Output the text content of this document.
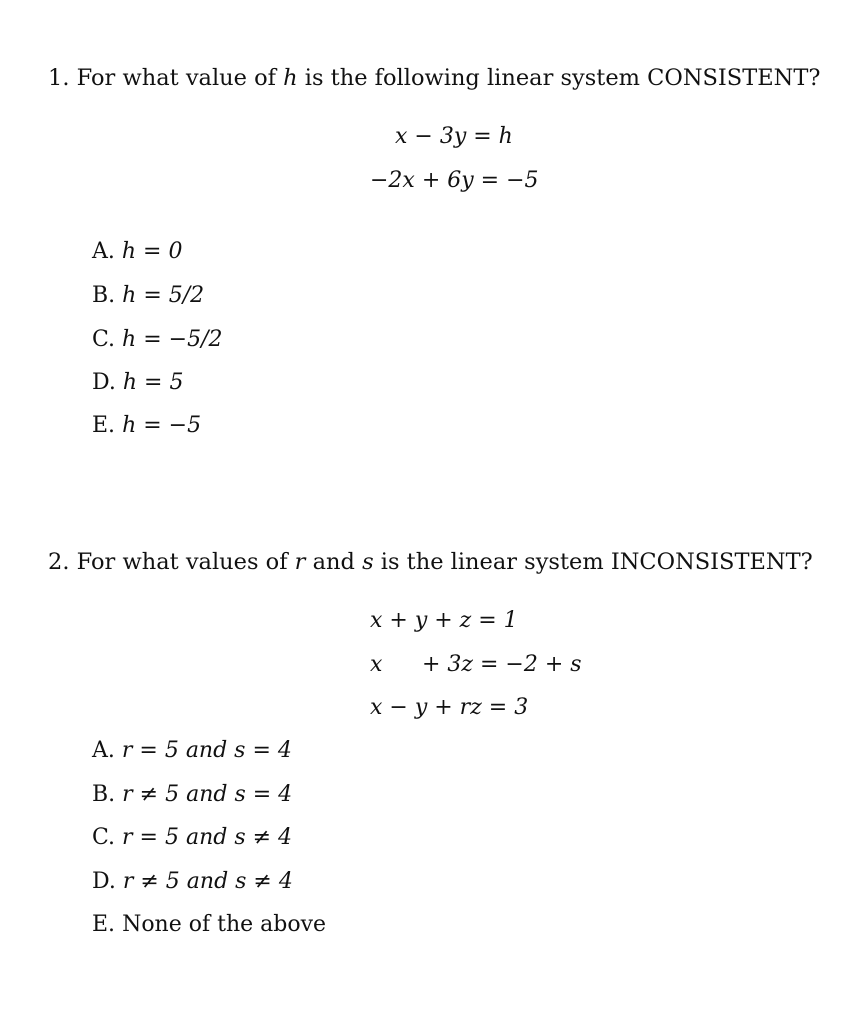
1. For what value of h is the following linear system CONSISTENT?
x − 3y = h
−2x + 6y = −5
A. h = 0
B. h = 5/2
C. h = −5/2
D. h = 5
E. h = −5
2. For what values of r and s is the linear system INCONSISTENT?
x + y + z = 1
x + 3z = −2 + s
x − y + rz = 3
A. r = 5 and s = 4
B. r ≠ 5 and s = 4
C. r = 5 and s ≠ 4
D. r ≠ 5 and s ≠ 4
E. None of the above
